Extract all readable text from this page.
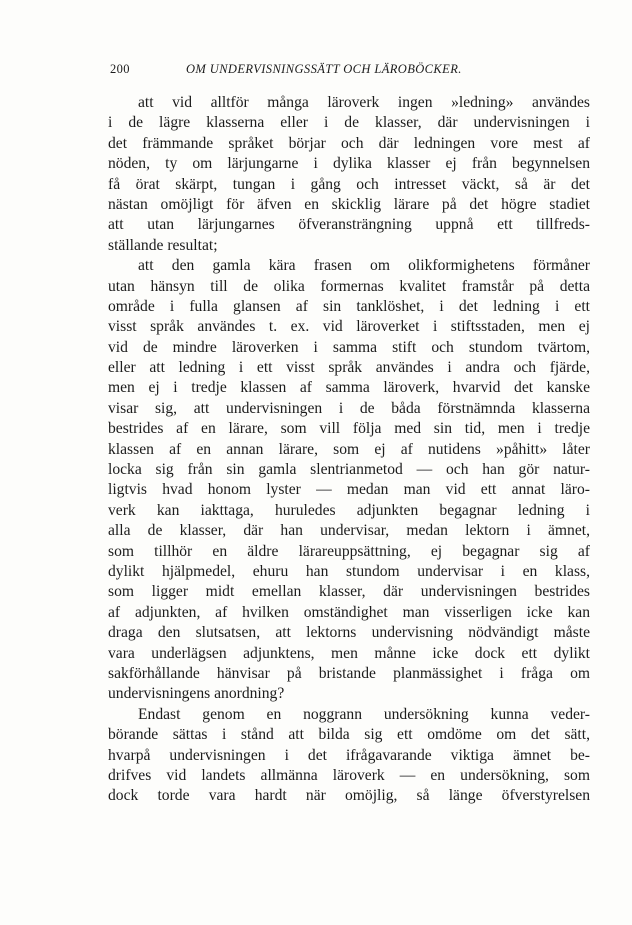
200	OM UNDERVISNINGSSÄTT OCH LÄROBÖCKER.
att vid alltför många läroverk ingen »ledning» användes
i de lägre klasserna eller i de klasser, där undervisningen i
det främmande språket börjar och där ledningen vore mest af
nöden, ty om lärjungarne i dylika klasser ej från begynnelsen
få örat skärpt, tungan i gång och intresset väckt, så är det
nästan omöjligt för äfven en skicklig lärare på det högre stadiet
att utan lärjungarnes öfveransträngning uppnå ett tillfreds-
ställande resultat;
att den gamla kära frasen om olikformighetens förmåner
utan hänsyn till de olika formernas kvalitet framstår på detta
område i fulla glansen af sin tanklöshet, i det ledning i ett
visst språk användes t. ex. vid läroverket i stiftsstaden, men ej
vid de mindre läroverken i samma stift och stundom tvärtom,
eller att ledning i ett visst språk användes i andra och fjärde,
men ej i tredje klassen af samma läroverk, hvarvid det kanske
visar sig, att undervisningen i de båda förstnämnda klasserna
bestrides af en lärare, som vill följa med sin tid, men i tredje
klassen af en annan lärare, som ej af nutidens »påhitt» låter
locka sig från sin gamla slentrianmetod — och han gör natur-
ligtvis hvad honom lyster — medan man vid ett annat läro-
verk kan iakttaga, huruledes adjunkten begagnar ledning i
alla de klasser, där han undervisar, medan lektorn i ämnet,
som tillhör en äldre lärareuppsättning, ej begagnar sig af
dylikt hjälpmedel, ehuru han stundom undervisar i en klass,
som ligger midt emellan klasser, där undervisningen bestrides
af adjunkten, af hvilken omständighet man visserligen icke kan
draga den slutsatsen, att lektorns undervisning nödvändigt måste
vara underlägsen adjunktens, men månne icke dock ett dylikt
sakförhållande hänvisar på bristande planmässighet i fråga om
undervisningens anordning?
Endast genom en noggrann undersökning kunna veder-
börande sättas i stånd att bilda sig ett omdöme om det sätt,
hvarpå undervisningen i det ifrågavarande viktiga ämnet be-
drifves vid landets allmänna läroverk — en undersökning, som
dock torde vara hardt när omöjlig, så länge öfverstyrelsen
